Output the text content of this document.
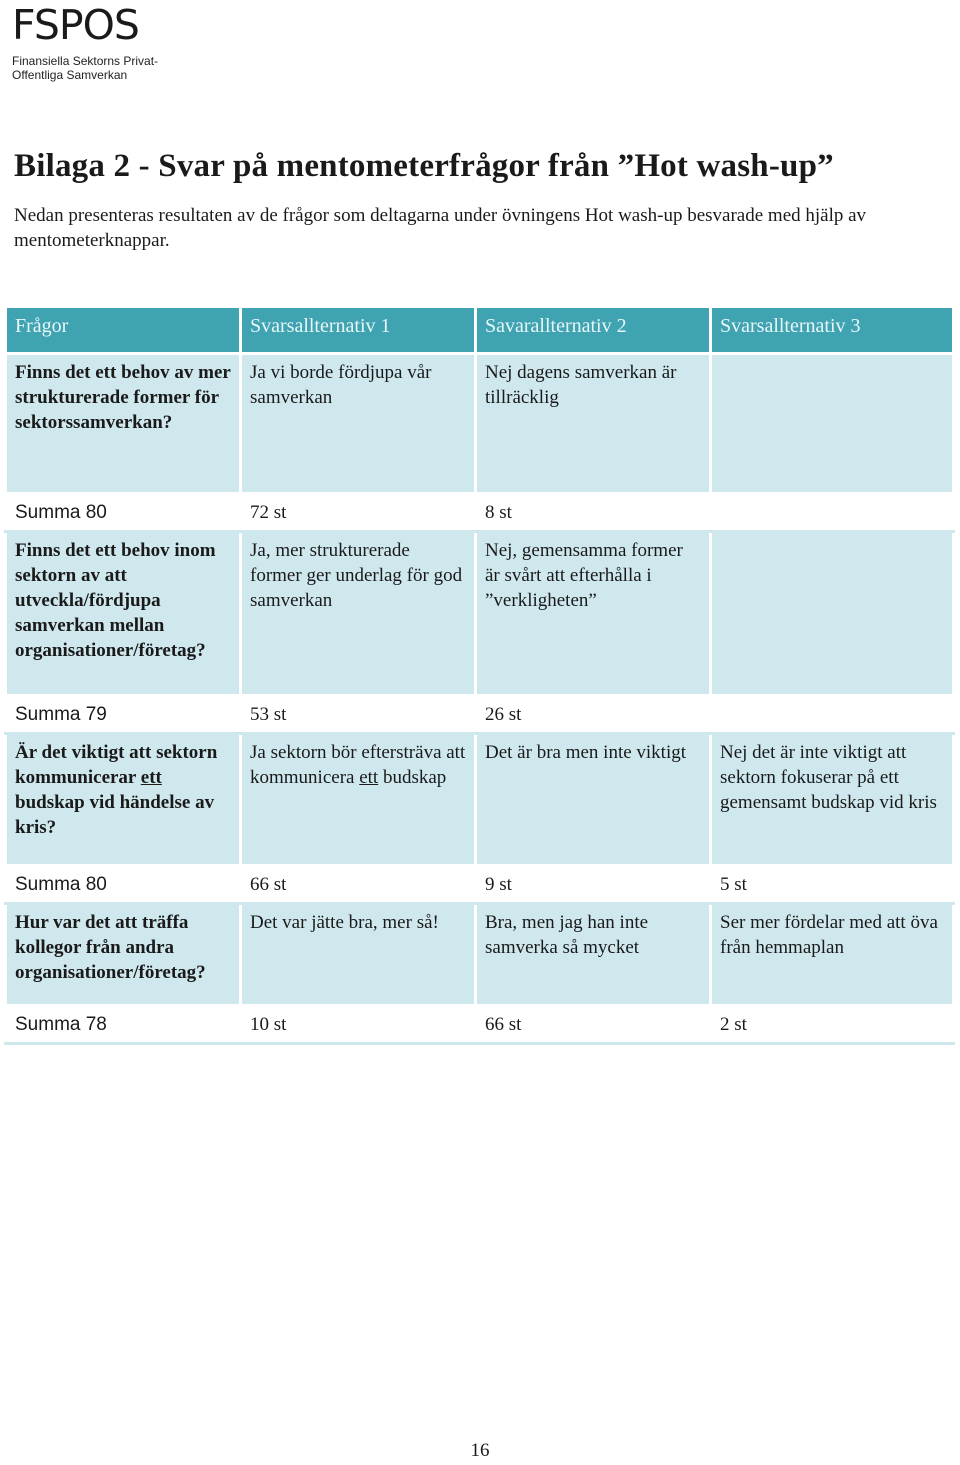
FSPOS
Finansiella Sektorns Privat-
Offentliga Samverkan
Bilaga 2 - Svar på mentometerfrågor från ”Hot wash-up”
Nedan presenteras resultaten av de frågor som deltagarna under övningens Hot wash-up besvarade med hjälp av mentometerknappar.
Frågor	Svarsallternativ 1	Savarallternativ 2	Svarsallternativ 3
Finns det ett behov av mer strukturerade former för sektorssamverkan?	Ja vi borde fördjupa vår samverkan	Nej dagens samverkan är tillräcklig	
Summa 80	72 st	8 st	
Finns det ett behov inom sektorn av att utveckla/fördjupa samverkan mellan organisationer/företag?	Ja, mer strukturerade former ger underlag för god samverkan	Nej, gemensamma former är svårt att efterhålla i ”verkligheten”	
Summa 79	53 st	26 st	
Är det viktigt att sektorn kommunicerar ett budskap vid händelse av kris?	Ja sektorn bör eftersträva att kommunicera ett budskap	Det är bra men inte viktigt	Nej det är inte viktigt att sektorn fokuserar på ett gemensamt budskap vid kris
Summa 80	66 st	9 st	5 st
Hur var det att träffa kollegor från andra organisationer/företag?	Det var jätte bra, mer så!	Bra, men jag han inte samverka så mycket	Ser mer fördelar med att öva från hemmaplan
Summa 78	10 st	66 st	2 st
16
